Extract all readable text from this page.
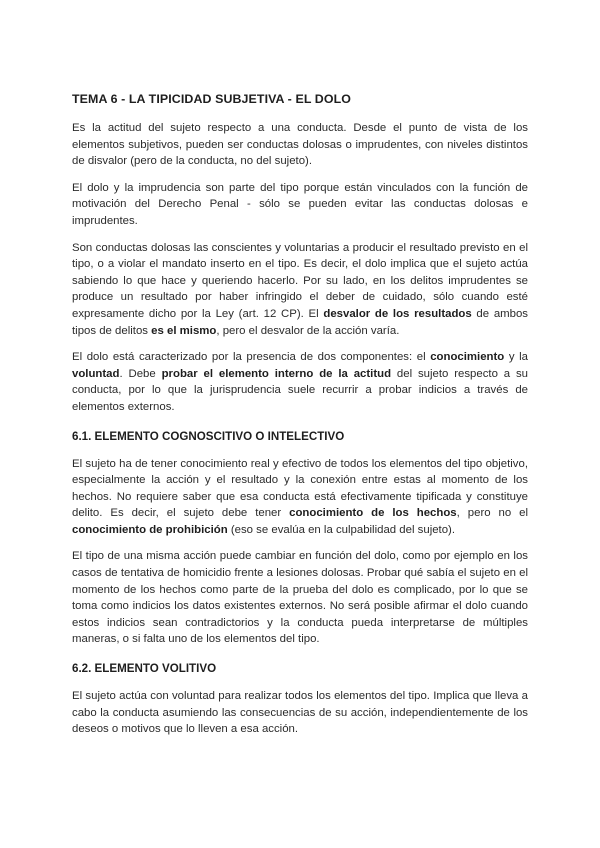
TEMA 6 - LA TIPICIDAD SUBJETIVA - EL DOLO

Es la actitud del sujeto respecto a una conducta. Desde el punto de vista de los elementos subjetivos, pueden ser conductas dolosas o imprudentes, con niveles distintos de disvalor (pero de la conducta, no del sujeto).

El dolo y la imprudencia son parte del tipo porque están vinculados con la función de motivación del Derecho Penal - sólo se pueden evitar las conductas dolosas e imprudentes.

Son conductas dolosas las conscientes y voluntarias a producir el resultado previsto en el tipo, o a violar el mandato inserto en el tipo. Es decir, el dolo implica que el sujeto actúa sabiendo lo que hace y queriendo hacerlo. Por su lado, en los delitos imprudentes se produce un resultado por haber infringido el deber de cuidado, sólo cuando esté expresamente dicho por la Ley (art. 12 CP). El desvalor de los resultados de ambos tipos de delitos es el mismo, pero el desvalor de la acción varía.

El dolo está caracterizado por la presencia de dos componentes: el conocimiento y la voluntad. Debe probar el elemento interno de la actitud del sujeto respecto a su conducta, por lo que la jurisprudencia suele recurrir a probar indicios a través de elementos externos.

6.1. ELEMENTO COGNOSCITIVO O INTELECTIVO

El sujeto ha de tener conocimiento real y efectivo de todos los elementos del tipo objetivo, especialmente la acción y el resultado y la conexión entre estas al momento de los hechos. No requiere saber que esa conducta está efectivamente tipificada y constituye delito. Es decir, el sujeto debe tener conocimiento de los hechos, pero no el conocimiento de prohibición (eso se evalúa en la culpabilidad del sujeto).

El tipo de una misma acción puede cambiar en función del dolo, como por ejemplo en los casos de tentativa de homicidio frente a lesiones dolosas. Probar qué sabía el sujeto en el momento de los hechos como parte de la prueba del dolo es complicado, por lo que se toma como indicios los datos existentes externos. No será posible afirmar el dolo cuando estos indicios sean contradictorios y la conducta pueda interpretarse de múltiples maneras, o si falta uno de los elementos del tipo.

6.2. ELEMENTO VOLITIVO

El sujeto actúa con voluntad para realizar todos los elementos del tipo. Implica que lleva a cabo la conducta asumiendo las consecuencias de su acción, independientemente de los deseos o motivos que lo lleven a esa acción.
